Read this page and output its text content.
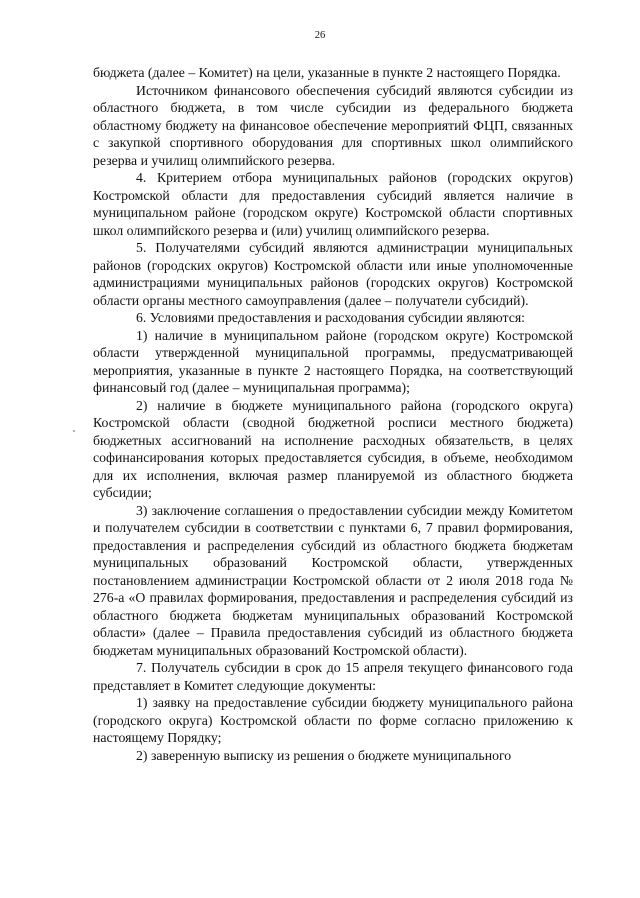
26

бюджета (далее – Комитет) на цели, указанные в пункте 2 настоящего Порядка.

Источником финансового обеспечения субсидий являются субсидии из областного бюджета, в том числе субсидии из федерального бюджета областному бюджету на финансовое обеспечение мероприятий ФЦП, связанных с закупкой спортивного оборудования для спортивных школ олимпийского резерва и училищ олимпийского резерва.

4. Критерием отбора муниципальных районов (городских округов) Костромской области для предоставления субсидий является наличие в муниципальном районе (городском округе) Костромской области спортивных школ олимпийского резерва и (или) училищ олимпийского резерва.

5. Получателями субсидий являются администрации муниципальных районов (городских округов) Костромской области или иные уполномоченные администрациями муниципальных районов (городских округов) Костромской области органы местного самоуправления (далее – получатели субсидий).

6. Условиями предоставления и расходования субсидии являются:

1) наличие в муниципальном районе (городском округе) Костромской области утвержденной муниципальной программы, предусматривающей мероприятия, указанные в пункте 2 настоящего Порядка, на соответствующий финансовый год (далее – муниципальная программа);

2) наличие в бюджете муниципального района (городского округа) Костромской области (сводной бюджетной росписи местного бюджета) бюджетных ассигнований на исполнение расходных обязательств, в целях софинансирования которых предоставляется субсидия, в объеме, необходимом для их исполнения, включая размер планируемой из областного бюджета субсидии;

3) заключение соглашения о предоставлении субсидии между Комитетом и получателем субсидии в соответствии с пунктами 6, 7 правил формирования, предоставления и распределения субсидий из областного бюджета бюджетам муниципальных образований Костромской области, утвержденных постановлением администрации Костромской области от 2 июля 2018 года № 276-а «О правилах формирования, предоставления и распределения субсидий из областного бюджета бюджетам муниципальных образований Костромской области» (далее – Правила предоставления субсидий из областного бюджета бюджетам муниципальных образований Костромской области).

7. Получатель субсидии в срок до 15 апреля текущего финансового года представляет в Комитет следующие документы:

1) заявку на предоставление субсидии бюджету муниципального района (городского округа) Костромской области по форме согласно приложению к настоящему Порядку;

2) заверенную выписку из решения о бюджете муниципального
